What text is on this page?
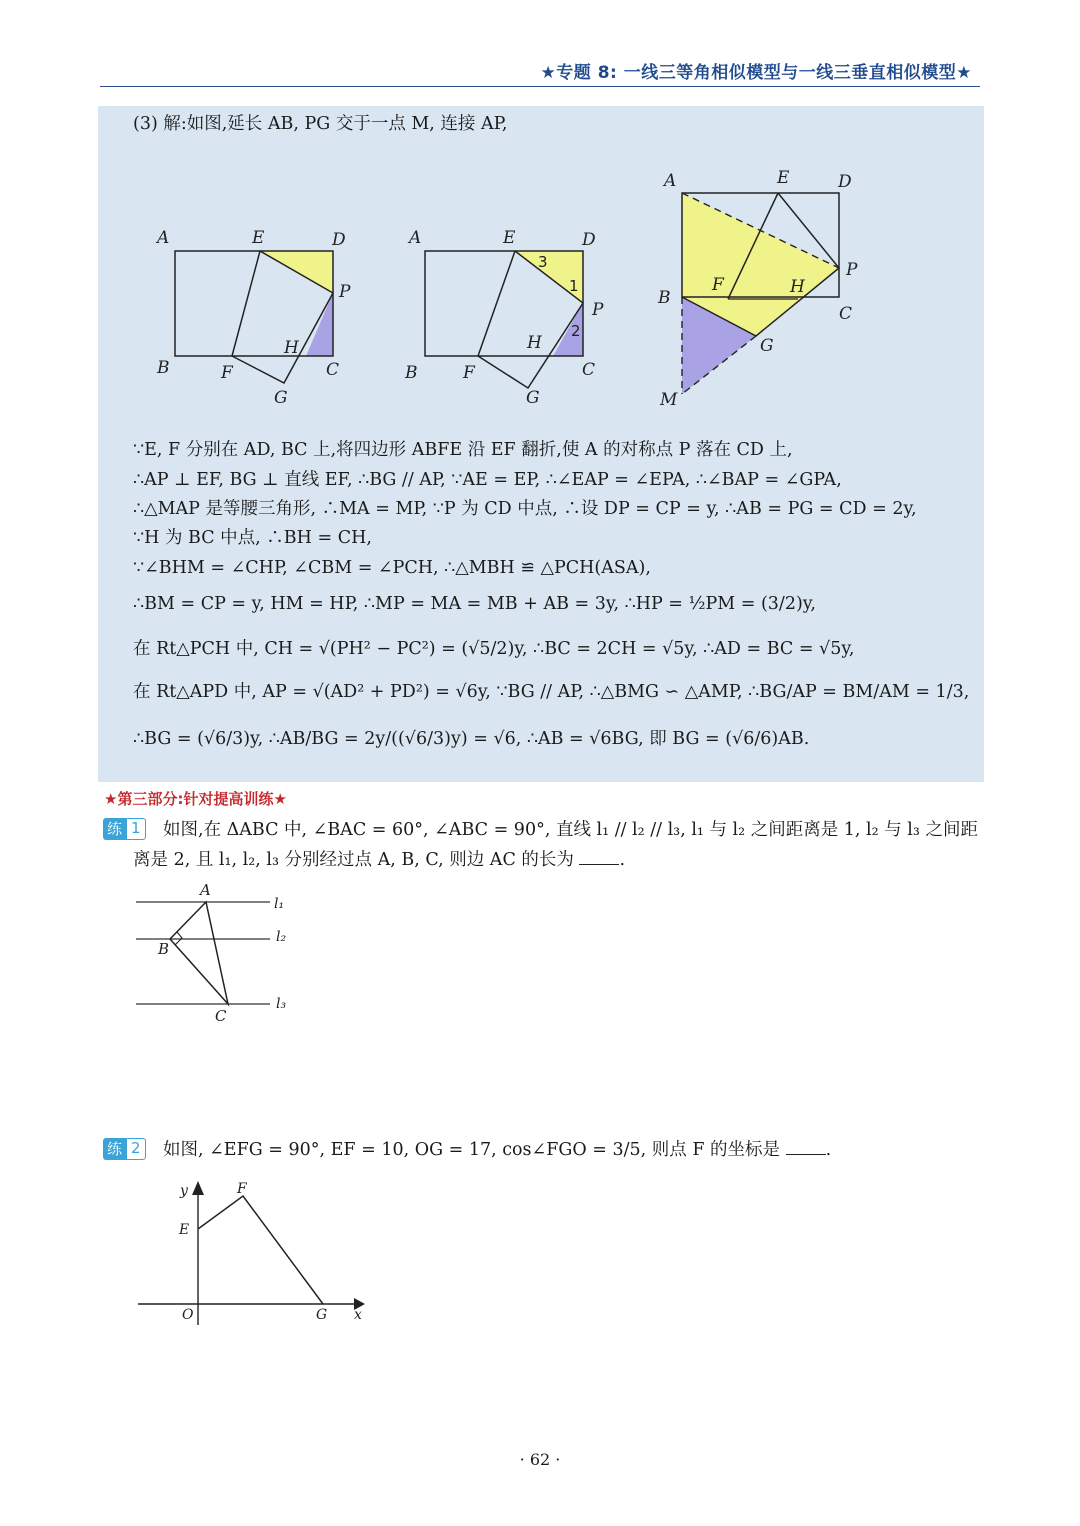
★专题 8: 一线三等角相似模型与一线三垂直相似模型★
(3) 解:如图,延长 AB, PG 交于一点 M, 连接 AP,
A	E	D
P
B	F
H
C
G
A	E	D
P
B	F
H
C
G
3
1
2
A	E	D
P
B
F	H
C
G
M
∵E, F 分别在 AD, BC 上,将四边形 ABFE 沿 EF 翻折,使 A 的对称点 P 落在 CD 上,
∴AP ⊥ EF, BG ⊥ 直线 EF, ∴BG // AP, ∵AE = EP, ∴∠EAP = ∠EPA, ∴∠BAP = ∠GPA,
∴△MAP 是等腰三角形, ∴MA = MP, ∵P 为 CD 中点, ∴设 DP = CP = y, ∴AB = PG = CD = 2y,
∵H 为 BC 中点, ∴BH = CH,
∵∠BHM = ∠CHP, ∠CBM = ∠PCH, ∴△MBH ≌ △PCH(ASA),
∴BM = CP = y, HM = HP, ∴MP = MA = MB + AB = 3y, ∴HP = ½PM = (3/2)y,
在 Rt△PCH 中, CH = √(PH² − PC²) = (√5/2)y, ∴BC = 2CH = √5y, ∴AD = BC = √5y,
在 Rt△APD 中, AP = √(AD² + PD²) = √6y, ∵BG // AP, ∴△BMG ∽ △AMP, ∴BG/AP = BM/AM = 1/3,
∴BG = (√6/3)y, ∴AB/BG = 2y/((√6/3)y) = √6, ∴AB = √6BG, 即 BG = (√6/6)AB.
★第三部分:针对提高训练★
练 1 如图,在 ΔABC 中, ∠BAC = 60°, ∠ABC = 90°, 直线 l₁ // l₂ // l₃, l₁ 与 l₂ 之间距离是 1, l₂ 与 l₃ 之间距
离是 2, 且 l₁, l₂, l₃ 分别经过点 A, B, C, 则边 AC 的长为	.
A
B
C
l₁
l₂
l₃
练 2 如图, ∠EFG = 90°, EF = 10, OG = 17, cos∠FGO = 3/5, 则点 F 的坐标是	.
y	F
E
O	G x
· 62 ·
